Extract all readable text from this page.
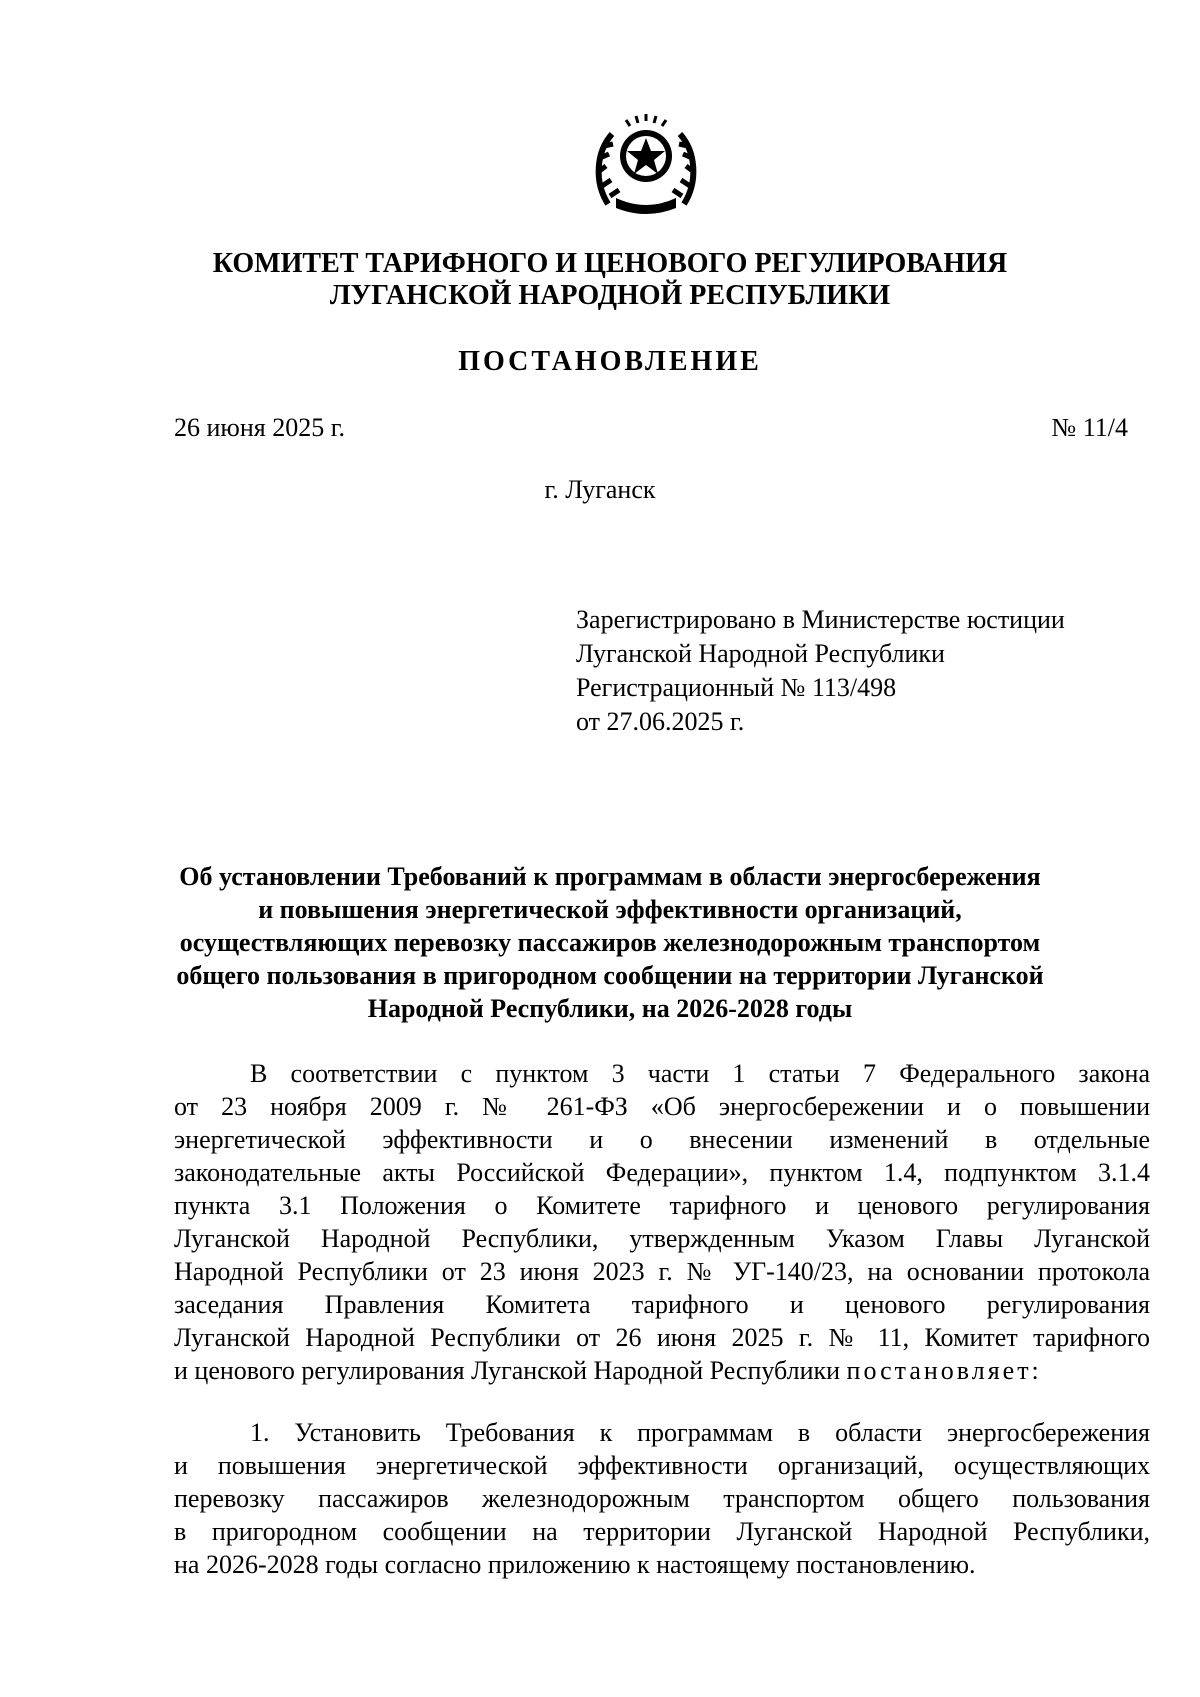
КОМИТЕТ ТАРИФНОГО И ЦЕНОВОГО РЕГУЛИРОВАНИЯ
ЛУГАНСКОЙ НАРОДНОЙ РЕСПУБЛИКИ
ПОСТАНОВЛЕНИЕ
26 июня 2025 г.	№ 11/4
г. Луганск
Зарегистрировано в Министерстве юстиции
Луганской Народной Республики
Регистрационный № 113/498
от 27.06.2025 г.
Об установлении Требований к программам в области энергосбережения
и повышения энергетической эффективности организаций,
осуществляющих перевозку пассажиров железнодорожным транспортом
общего пользования в пригородном сообщении на территории Луганской
Народной Республики, на 2026-2028 годы
В соответствии с пунктом 3 части 1 статьи 7 Федерального закона
от 23 ноября 2009 г. № 261-ФЗ «Об энергосбережении и о повышении
энергетической эффективности и о внесении изменений в отдельные
законодательные акты Российской Федерации», пунктом 1.4, подпунктом 3.1.4
пункта 3.1 Положения о Комитете тарифного и ценового регулирования
Луганской Народной Республики, утвержденным Указом Главы Луганской
Народной Республики от 23 июня 2023 г. № УГ-140/23, на основании протокола
заседания Правления Комитета тарифного и ценового регулирования
Луганской Народной Республики от 26 июня 2025 г. № 11, Комитет тарифного
и ценового регулирования Луганской Народной Республики постановляет:
1. Установить Требования к программам в области энергосбережения
и повышения энергетической эффективности организаций, осуществляющих
перевозку пассажиров железнодорожным транспортом общего пользования
в пригородном сообщении на территории Луганской Народной Республики,
на 2026-2028 годы согласно приложению к настоящему постановлению.
